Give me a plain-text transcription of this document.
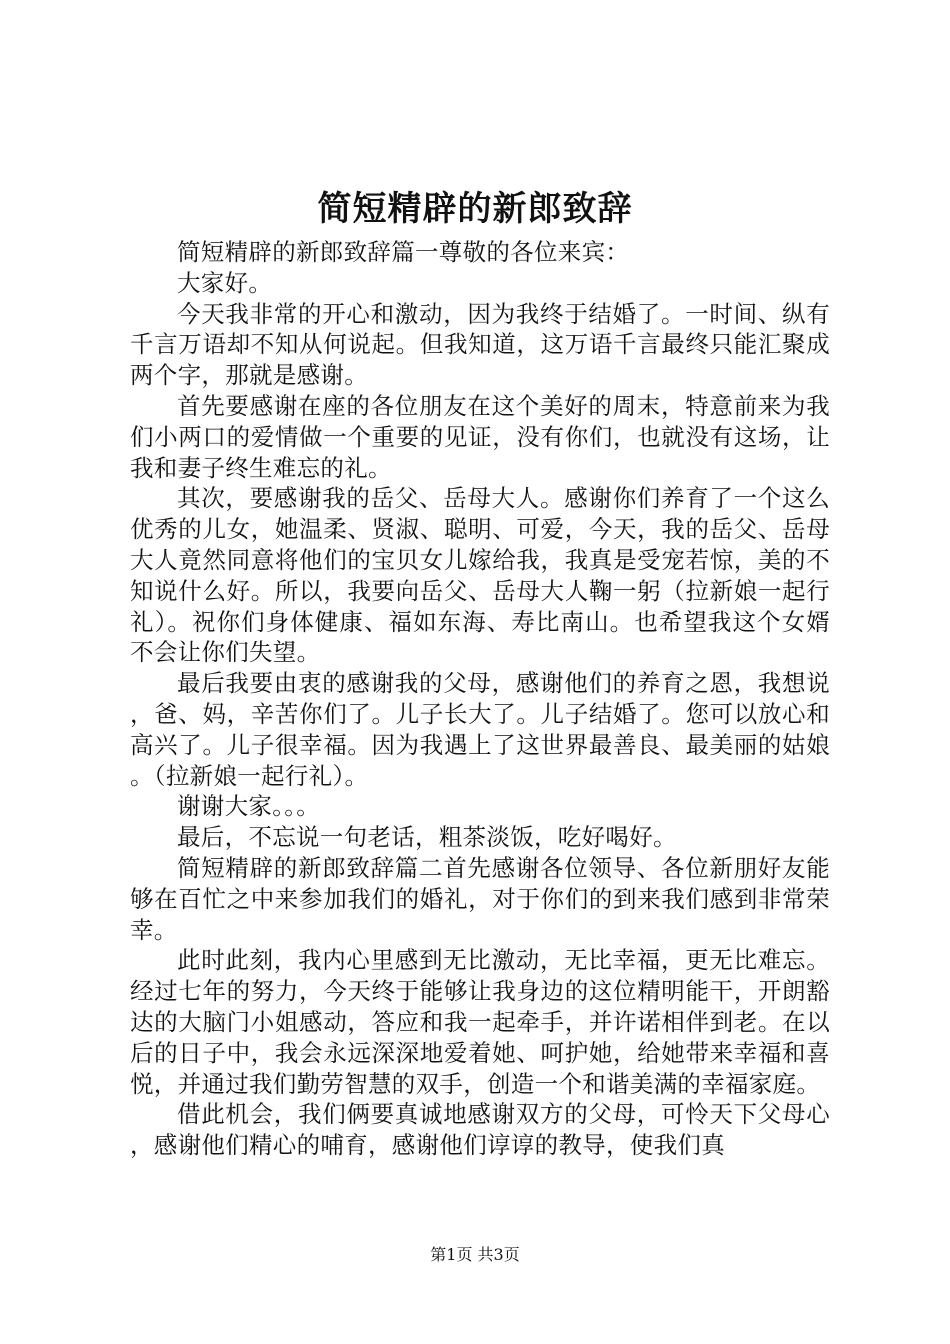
简短精辟的新郎致辞

简短精辟的新郎致辞篇一尊敬的各位来宾：

大家好。

今天我非常的开心和激动，因为我终于结婚了。一时间、纵有千言万语却不知从何说起。但我知道，这万语千言最终只能汇聚成两个字，那就是感谢。

首先要感谢在座的各位朋友在这个美好的周末，特意前来为我们小两口的爱情做一个重要的见证，没有你们，也就没有这场，让我和妻子终生难忘的礼。

其次，要感谢我的岳父、岳母大人。感谢你们养育了一个这么优秀的儿女，她温柔、贤淑、聪明、可爱，今天，我的岳父、岳母大人竟然同意将他们的宝贝女儿嫁给我，我真是受宠若惊，美的不知说什么好。所以，我要向岳父、岳母大人鞠一躬（拉新娘一起行礼）。祝你们身体健康、福如东海、寿比南山。也希望我这个女婿不会让你们失望。

最后我要由衷的感谢我的父母，感谢他们的养育之恩，我想说，爸、妈，辛苦你们了。儿子长大了。儿子结婚了。您可以放心和高兴了。儿子很幸福。因为我遇上了这世界最善良、最美丽的姑娘。（拉新娘一起行礼）。

谢谢大家。。。

最后，不忘说一句老话，粗茶淡饭，吃好喝好。

简短精辟的新郎致辞篇二首先感谢各位领导、各位新朋好友能够在百忙之中来参加我们的婚礼，对于你们的到来我们感到非常荣幸。

此时此刻，我内心里感到无比激动，无比幸福，更无比难忘。经过七年的努力，今天终于能够让我身边的这位精明能干，开朗豁达的大脑门小姐感动，答应和我一起牵手，并许诺相伴到老。在以后的日子中，我会永远深深地爱着她、呵护她，给她带来幸福和喜悦，并通过我们勤劳智慧的双手，创造一个和谐美满的幸福家庭。

借此机会，我们俩要真诚地感谢双方的父母，可怜天下父母心，感谢他们精心的哺育，感谢他们谆谆的教导，使我们真

第1页 共3页
